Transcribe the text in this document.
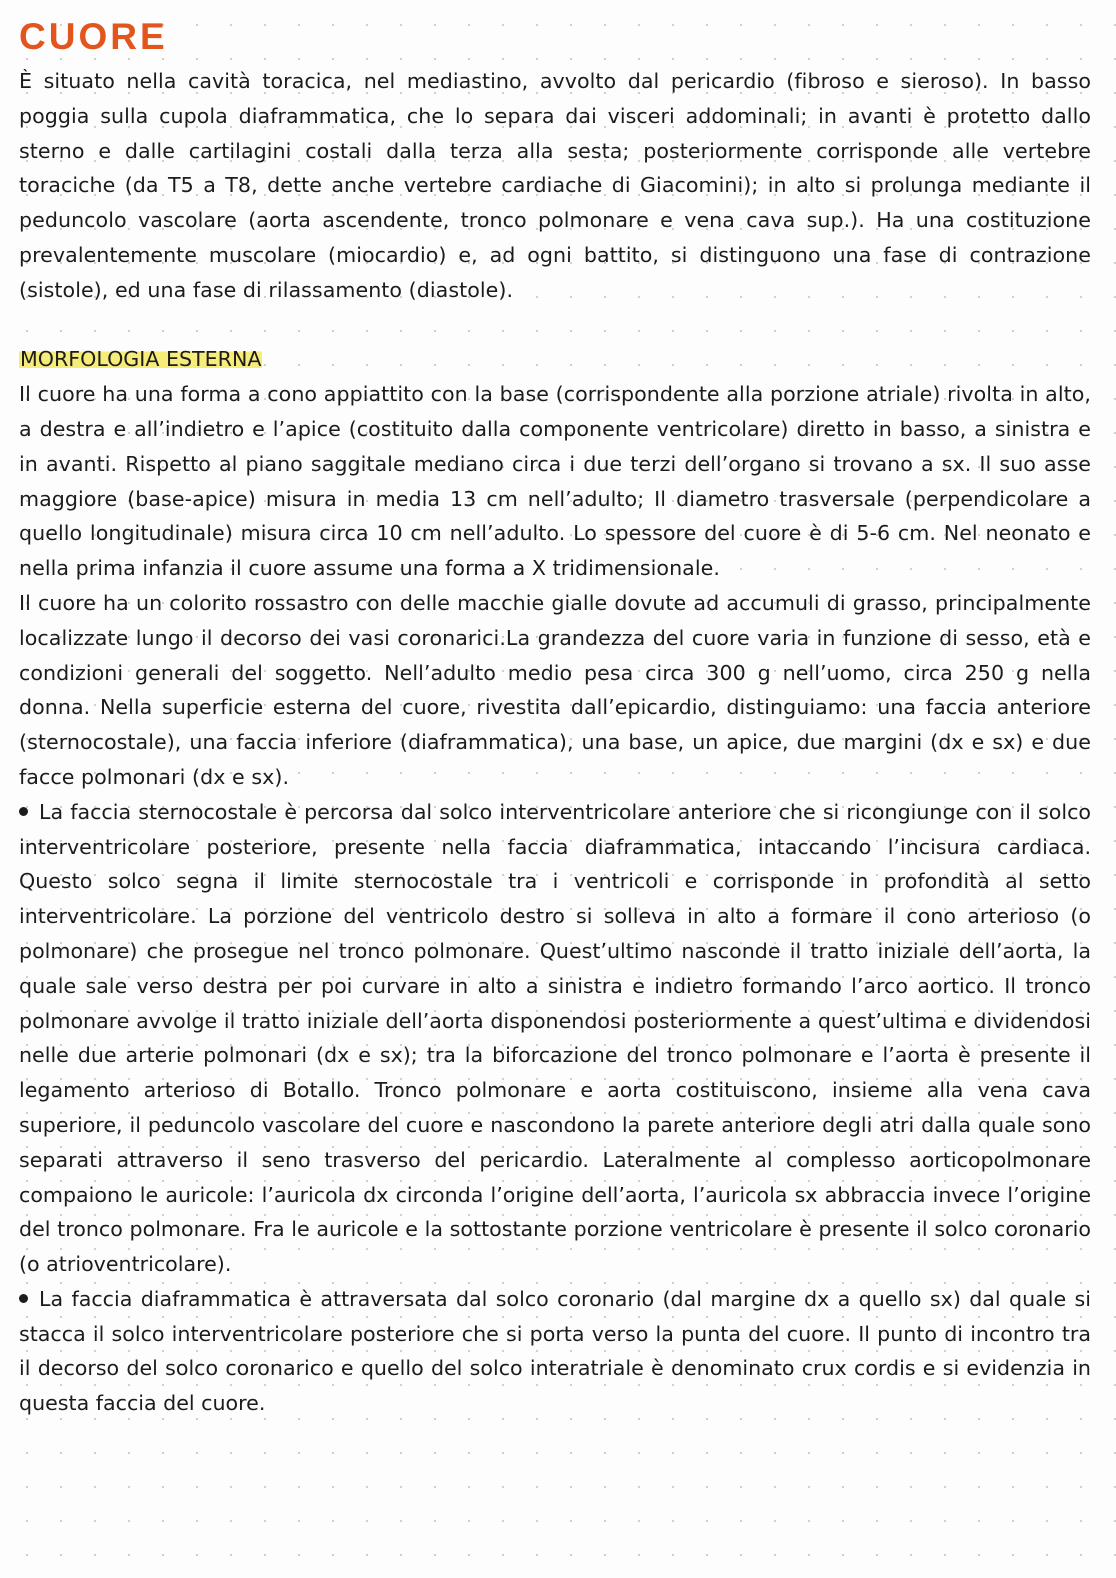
CUORE

È situato nella cavità toracica, nel mediastino, avvolto dal pericardio (fibroso e sieroso). In basso poggia sulla cupola diaframmatica, che lo separa dai visceri addominali; in avanti è protetto dallo sterno e dalle cartilagini costali dalla terza alla sesta; posteriormente corrisponde alle vertebre toraciche (da T5 a T8, dette anche vertebre cardiache di Giacomini); in alto si prolunga mediante il peduncolo vascolare (aorta ascendente, tronco polmonare e vena cava sup.). Ha una costituzione prevalentemente muscolare (miocardio) e, ad ogni battito, si distinguono una fase di contrazione (sistole), ed una fase di rilassamento (diastole).

MORFOLOGIA ESTERNA

Il cuore ha una forma a cono appiattito con la base (corrispondente alla porzione atriale) rivolta in alto, a destra e all’indietro e l’apice (costituito dalla componente ventricolare) diretto in basso, a sinistra e in avanti. Rispetto al piano saggitale mediano circa i due terzi dell’organo si trovano a sx. Il suo asse maggiore (base-apice) misura in media 13 cm nell’adulto; Il diametro trasversale (perpendicolare a quello longitudinale) misura circa 10 cm nell’adulto. Lo spessore del cuore è di 5-6 cm. Nel neonato e nella prima infanzia il cuore assume una forma a X tridimensionale.

Il cuore ha un colorito rossastro con delle macchie gialle dovute ad accumuli di grasso, principalmente localizzate lungo il decorso dei vasi coronarici.La grandezza del cuore varia in funzione di sesso, età e condizioni generali del soggetto. Nell’adulto medio pesa circa 300 g nell’uomo, circa 250 g nella donna. Nella superficie esterna del cuore, rivestita dall’epicardio, distinguiamo: una faccia anteriore (sternocostale), una faccia inferiore (diaframmatica), una base, un apice, due margini (dx e sx) e due facce polmonari (dx e sx).

La faccia sternocostale è percorsa dal solco interventricolare anteriore che si ricongiunge con il solco interventricolare posteriore, presente nella faccia diaframmatica, intaccando l’incisura cardiaca. Questo solco segna il limite sternocostale tra i ventricoli e corrisponde in profondità al setto interventricolare. La porzione del ventricolo destro si solleva in alto a formare il cono arterioso (o polmonare) che prosegue nel tronco polmonare. Quest’ultimo nasconde il tratto iniziale dell’aorta, la quale sale verso destra per poi curvare in alto a sinistra e indietro formando l’arco aortico. Il tronco polmonare avvolge il tratto iniziale dell’aorta disponendosi posteriormente a quest’ultima e dividendosi nelle due arterie polmonari (dx e sx); tra la biforcazione del tronco polmonare e l’aorta è presente il legamento arterioso di Botallo. Tronco polmonare e aorta costituiscono, insieme alla vena cava superiore, il peduncolo vascolare del cuore e nascondono la parete anteriore degli atri dalla quale sono separati attraverso il seno trasverso del pericardio. Lateralmente al complesso aorticopolmonare compaiono le auricole: l’auricola dx circonda l’origine dell’aorta, l’auricola sx abbraccia invece l’origine del tronco polmonare. Fra le auricole e la sottostante porzione ventricolare è presente il solco coronario (o atrioventricolare).

La faccia diaframmatica è attraversata dal solco coronario (dal margine dx a quello sx) dal quale si stacca il solco interventricolare posteriore che si porta verso la punta del cuore. Il punto di incontro tra il decorso del solco coronarico e quello del solco interatriale è denominato crux cordis e si evidenzia in questa faccia del cuore.
